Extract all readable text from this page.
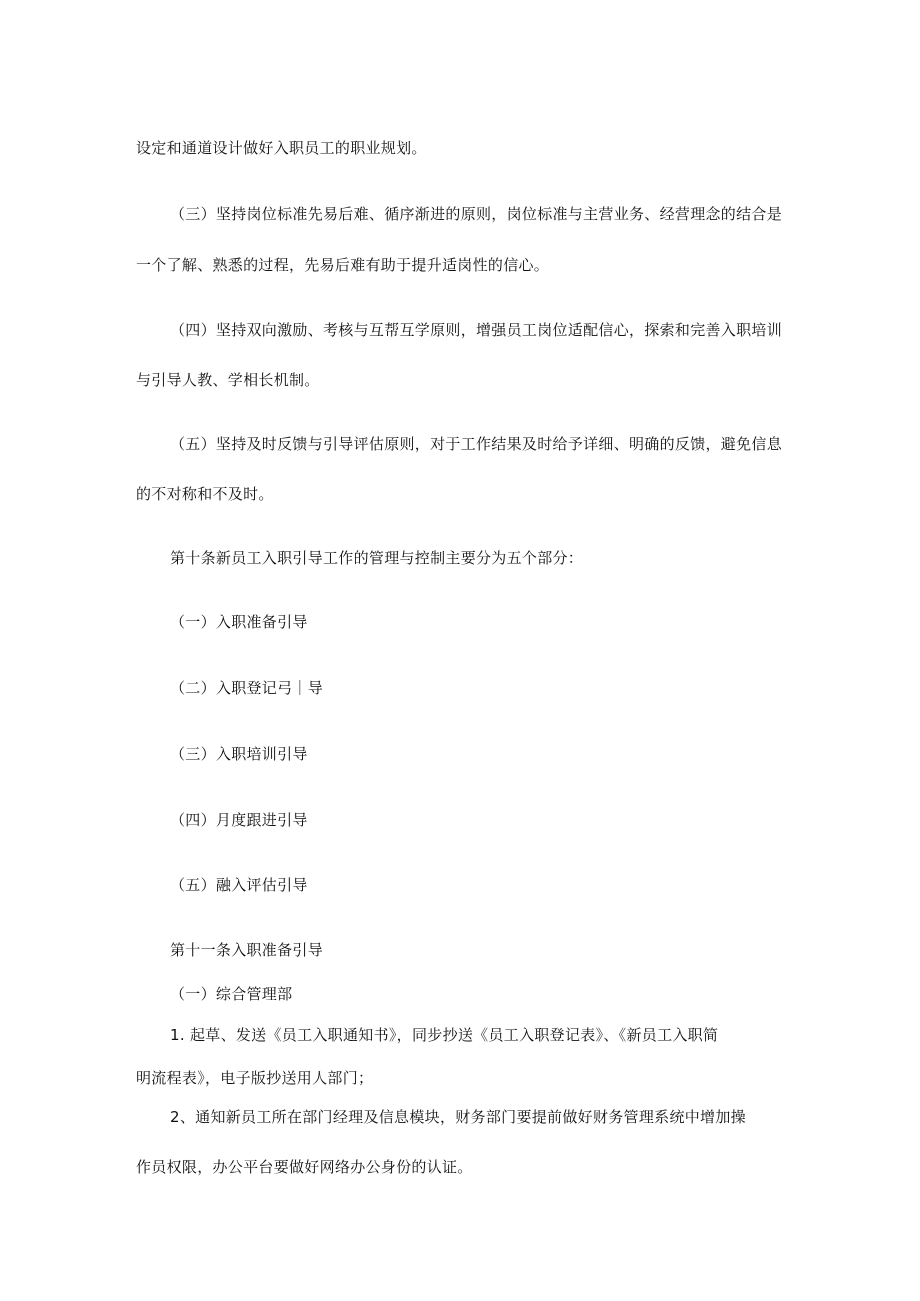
设定和通道设计做好入职员工的职业规划。

（三）坚持岗位标准先易后难、循序渐进的原则，岗位标准与主营业务、经营理念的结合是

一个了解、熟悉的过程，先易后难有助于提升适岗性的信心。

（四）坚持双向激励、考核与互帮互学原则，增强员工岗位适配信心，探索和完善入职培训

与引导人教、学相长机制。

（五）坚持及时反馈与引导评估原则，对于工作结果及时给予详细、明确的反馈，避免信息

的不对称和不及时。

第十条新员工入职引导工作的管理与控制主要分为五个部分：

（一）入职准备引导

（二）入职登记弓｜导

（三）入职培训引导

（四）月度跟进引导

（五）融入评估引导

第十一条入职准备引导

（一）综合管理部

1. 起草、发送《员工入职通知书》，同步抄送《员工入职登记表》、《新员工入职简

明流程表》，电子版抄送用人部门；

2、通知新员工所在部门经理及信息模块，财务部门要提前做好财务管理系统中增加操

作员权限，办公平台要做好网络办公身份的认证。
